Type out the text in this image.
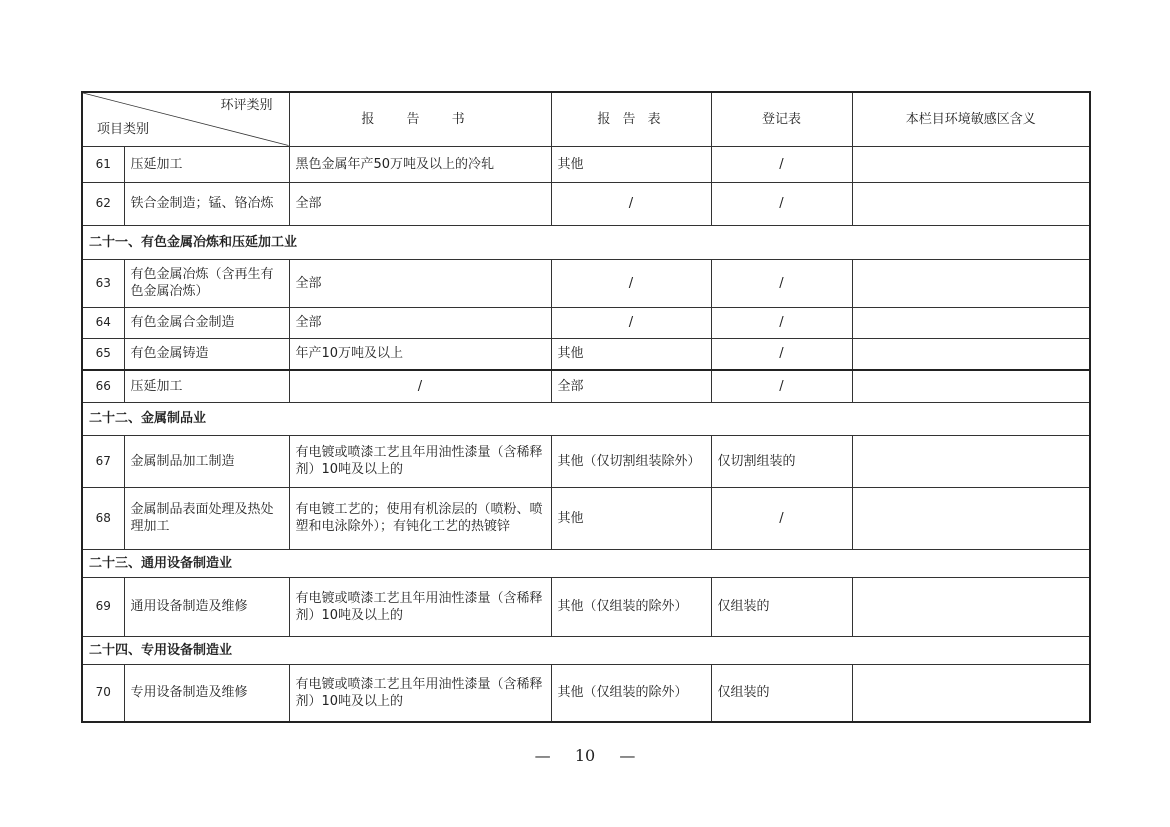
环评类别
项目类别		报 告 书	报 告 表	登记表	本栏目环境敏感区含义
61	压延加工	黑色金属年产50万吨及以上的冷轧	其他	/	
62	铁合金制造；锰、铬冶炼	全部	/	/	
二十一、有色金属冶炼和压延加工业					
63	有色金属冶炼（含再生有色金属冶炼）	全部	/	/	
64	有色金属合金制造	全部	/	/	
65	有色金属铸造	年产10万吨及以上	其他	/	
66	压延加工	/	全部	/	
二十二、金属制品业					
67	金属制品加工制造	有电镀或喷漆工艺且年用油性漆量（含稀释剂）10吨及以上的	其他（仅切割组装除外）	仅切割组装的	
68	金属制品表面处理及热处理加工	有电镀工艺的；使用有机涂层的（喷粉、喷塑和电泳除外）；有钝化工艺的热镀锌	其他	/	
二十三、通用设备制造业					
69	通用设备制造及维修	有电镀或喷漆工艺且年用油性漆量（含稀释剂）10吨及以上的	其他（仅组装的除外）	仅组装的	
二十四、专用设备制造业					
70	专用设备制造及维修	有电镀或喷漆工艺且年用油性漆量（含稀释剂）10吨及以上的	其他（仅组装的除外）	仅组装的	
— 10 —
